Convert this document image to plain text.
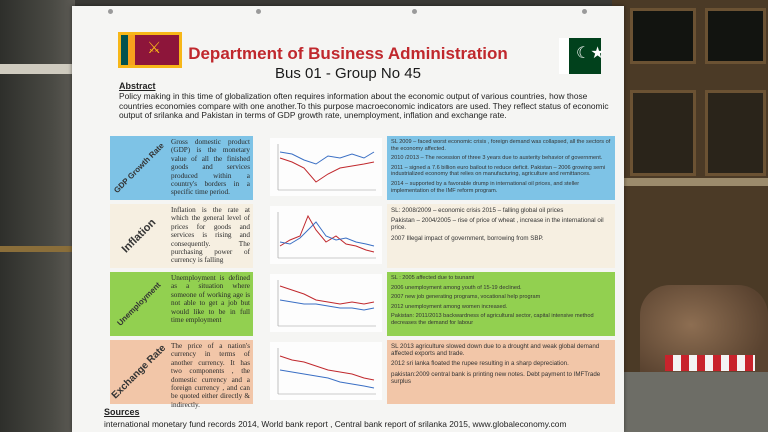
⚔	☾★
Department of Business Administration
Bus 01 - Group No 45
Abstract
Policy making in this time of globalization often requires information about the economic output of various countries, how those countries economies compare with one another.To this purpose macroeconomic indicators are used. They reflect status of economic output of srilanka and Pakistan in terms of GDP growth rate, unemployment, inflation and exchange rate.
GDP Growth Rate Gross domestic product (GDP) is the monetary value of all the finished goods and services produced within a country's borders in a specific time period.

SL 2009 – faced worst economic crisis , foreign demand was collapsed, all the sectors of the economy affected.

2010 /2013 – The recession of three 3 years due to austerity behavior of government.

2011 – signed a 7.6 billion euro bailout to reduce deficit. Pakistan – 2006 growing semi industrialized economy that relies on manufacturing, agriculture and remittances.

2014 – supported by a favorable drump in international oil prices, and steller implementation of the IMF reform program.

Inflation
Inflation is the rate at which the general level of prices for goods and services is rising and consequently. The purchasing power of currency is falling

SL: 2008/2009 – economic crisis 2015 – falling global oil prices

Pakistan – 2004/2005 – rise of price of wheat , increase in the international oil price.

2007 Illegal impact of government, borrowing from SBP.

Unemployment
Unemployment is defined as a situation where someone of working age is not able to get a job but would like to be in full time employment

SL : 2005 affected due to tsunami

2006 unemployment among youth of 15-19 declined.

2007 new job generating programs, vocational help program

2012 unemployment among women increased.

Pakistan: 2011/2013 backwardness of agricultural sector, capital intensive method decreases the demand for labour

Exchange Rate The price of a nation's currency in terms of another currency. It has two components , the domestic currency and a foreign currency , and can be quoted either directly & indirectly.

SL 2013 agriculture slowed down due to a drought and weak global demand affected exports and trade.

2012 sri lanka floated the rupee resulting in a sharp depreciation.

pakistan:2009 central bank is printing new notes. Debt payment to IMFTrade surplus

Sources
international monetary fund records 2014, World bank report , Central bank report of srilanka 2015, www.globaleconomy.com
